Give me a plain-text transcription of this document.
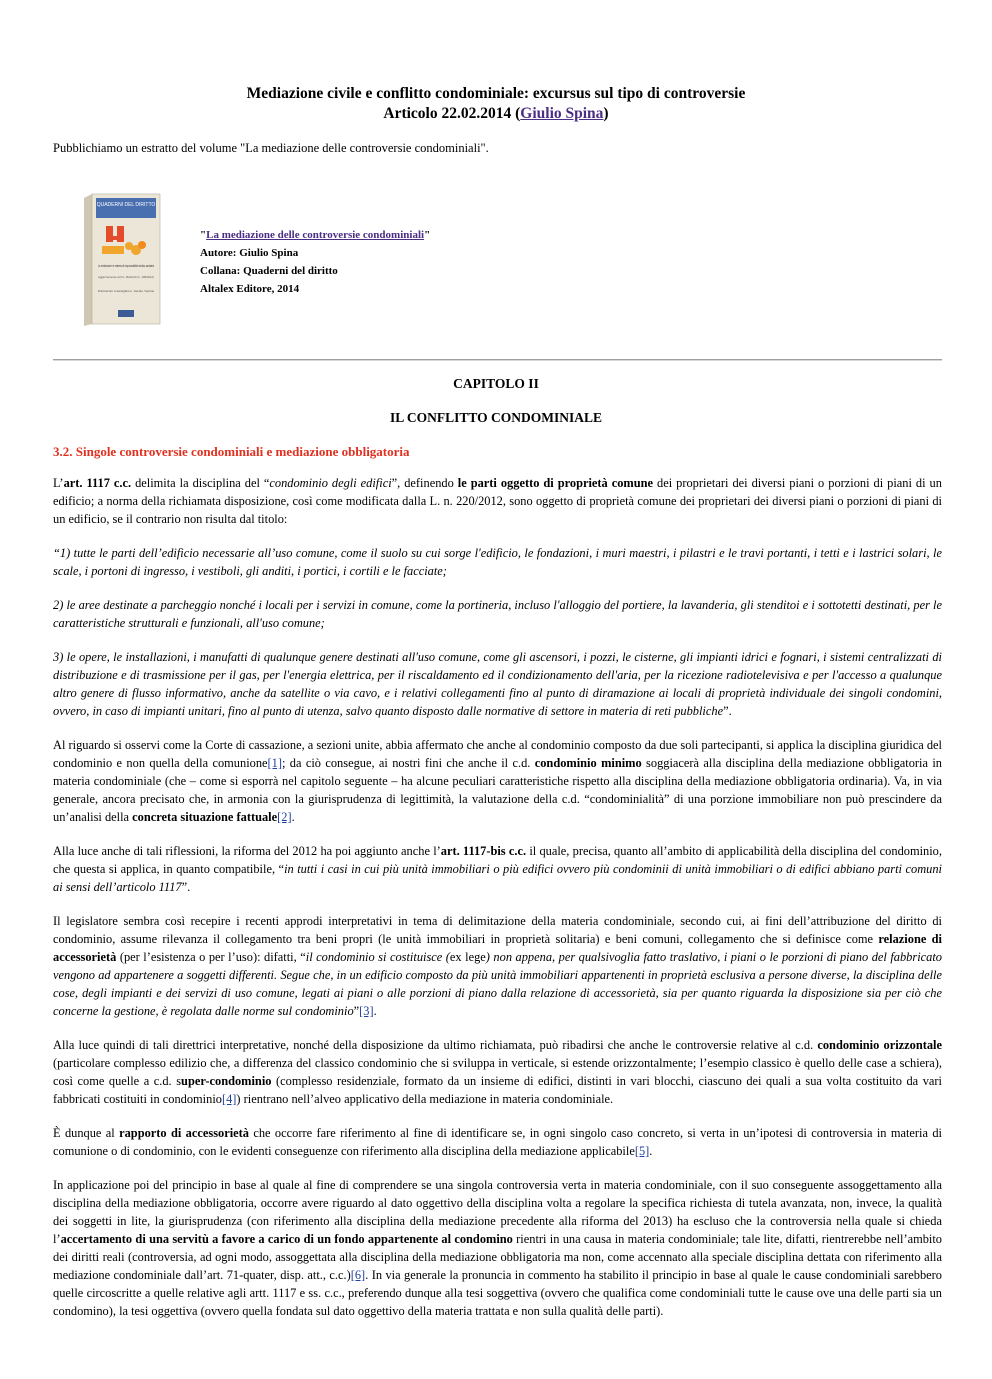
Mediazione civile e conflitto condominiale: excursus sul tipo di controversie
Articolo 22.02.2014 (Giulio Spina)
Pubblichiamo un estratto del volume "La mediazione delle controversie condominiali".
QUADERNI DEL DIRITTO
La mediazione in materia di responsabilità medico-sanitaria
Aggiornamento al D.L. Balduzzi (L. 189/2012)
Riccardo Castiglioni, Giulio Spina
"La mediazione delle controversie condominiali"
Autore: Giulio Spina
Collana: Quaderni del diritto
Altalex Editore, 2014
CAPITOLO II
IL CONFLITTO CONDOMINIALE
3.2. Singole controversie condominiali e mediazione obbligatoria

L’art. 1117 c.c. delimita la disciplina del “condominio degli edifici”, definendo le parti oggetto di proprietà comune dei proprietari dei diversi piani o porzioni di piani di un edificio; a norma della richiamata disposizione, così come modificata dalla L. n. 220/2012, sono oggetto di proprietà comune dei proprietari dei diversi piani o porzioni di piani di un edificio, se il contrario non risulta dal titolo:

“1) tutte le parti dell’edificio necessarie all’uso comune, come il suolo su cui sorge l'edificio, le fondazioni, i muri maestri, i pilastri e le travi portanti, i tetti e i lastrici solari, le scale, i portoni di ingresso, i vestiboli, gli anditi, i portici, i cortili e le facciate;

2) le aree destinate a parcheggio nonché i locali per i servizi in comune, come la portineria, incluso l'alloggio del portiere, la lavanderia, gli stenditoi e i sottotetti destinati, per le caratteristiche strutturali e funzionali, all'uso comune;

3) le opere, le installazioni, i manufatti di qualunque genere destinati all'uso comune, come gli ascensori, i pozzi, le cisterne, gli impianti idrici e fognari, i sistemi centralizzati di distribuzione e di trasmissione per il gas, per l'energia elettrica, per il riscaldamento ed il condizionamento dell'aria, per la ricezione radiotelevisiva e per l'accesso a qualunque altro genere di flusso informativo, anche da satellite o via cavo, e i relativi collegamenti fino al punto di diramazione ai locali di proprietà individuale dei singoli condomini, ovvero, in caso di impianti unitari, fino al punto di utenza, salvo quanto disposto dalle normative di settore in materia di reti pubbliche”.

Al riguardo si osservi come la Corte di cassazione, a sezioni unite, abbia affermato che anche al condominio composto da due soli partecipanti, si applica la disciplina giuridica del condominio e non quella della comunione[1]; da ciò consegue, ai nostri fini che anche il c.d. condominio minimo soggiacerà alla disciplina della mediazione obbligatoria in materia condominiale (che – come si esporrà nel capitolo seguente – ha alcune peculiari caratteristiche rispetto alla disciplina della mediazione obbligatoria ordinaria). Va, in via generale, ancora precisato che, in armonia con la giurisprudenza di legittimità, la valutazione della c.d. “condominialità” di una porzione immobiliare non può prescindere da un’analisi della concreta situazione fattuale[2].

Alla luce anche di tali riflessioni, la riforma del 2012 ha poi aggiunto anche l’art. 1117-bis c.c. il quale, precisa, quanto all’ambito di applicabilità della disciplina del condominio, che questa si applica, in quanto compatibile, “in tutti i casi in cui più unità immobiliari o più edifici ovvero più condominii di unità immobiliari o di edifici abbiano parti comuni ai sensi dell’articolo 1117”.

Il legislatore sembra così recepire i recenti approdi interpretativi in tema di delimitazione della materia condominiale, secondo cui, ai fini dell’attribuzione del diritto di condominio, assume rilevanza il collegamento tra beni propri (le unità immobiliari in proprietà solitaria) e beni comuni, collegamento che si definisce come relazione di accessorietà (per l’esistenza o per l’uso): difatti, “il condominio si costituisce (ex lege) non appena, per qualsivoglia fatto traslativo, i piani o le porzioni di piano del fabbricato vengono ad appartenere a soggetti differenti. Segue che, in un edificio composto da più unità immobiliari appartenenti in proprietà esclusiva a persone diverse, la disciplina delle cose, degli impianti e dei servizi di uso comune, legati ai piani o alle porzioni di piano dalla relazione di accessorietà, sia per quanto riguarda la disposizione sia per ciò che concerne la gestione, è regolata dalle norme sul condominio”[3].

Alla luce quindi di tali direttrici interpretative, nonché della disposizione da ultimo richiamata, può ribadirsi che anche le controversie relative al c.d. condominio orizzontale (particolare complesso edilizio che, a differenza del classico condominio che si sviluppa in verticale, si estende orizzontalmente; l’esempio classico è quello delle case a schiera), così come quelle a c.d. super-condominio (complesso residenziale, formato da un insieme di edifici, distinti in vari blocchi, ciascuno dei quali a sua volta costituito da vari fabbricati costituiti in condominio[4]) rientrano nell’alveo applicativo della mediazione in materia condominiale.

È dunque al rapporto di accessorietà che occorre fare riferimento al fine di identificare se, in ogni singolo caso concreto, si verta in un’ipotesi di controversia in materia di comunione o di condominio, con le evidenti conseguenze con riferimento alla disciplina della mediazione applicabile[5].

In applicazione poi del principio in base al quale al fine di comprendere se una singola controversia verta in materia condominiale, con il suo conseguente assoggettamento alla disciplina della mediazione obbligatoria, occorre avere riguardo al dato oggettivo della disciplina volta a regolare la specifica richiesta di tutela avanzata, non, invece, la qualità dei soggetti in lite, la giurisprudenza (con riferimento alla disciplina della mediazione precedente alla riforma del 2013) ha escluso che la controversia nella quale si chieda l’accertamento di una servitù a favore a carico di un fondo appartenente al condomino rientri in una causa in materia condominiale; tale lite, difatti, rientrerebbe nell’ambito dei diritti reali (controversia, ad ogni modo, assoggettata alla disciplina della mediazione obbligatoria ma non, come accennato alla speciale disciplina dettata con riferimento alla mediazione condominiale dall’art. 71-quater, disp. att., c.c.)[6]. In via generale la pronuncia in commento ha stabilito il principio in base al quale le cause condominiali sarebbero quelle circoscritte a quelle relative agli artt. 1117 e ss. c.c., preferendo dunque alla tesi soggettiva (ovvero che qualifica come condominiali tutte le cause ove una delle parti sia un condomino), la tesi oggettiva (ovvero quella fondata sul dato oggettivo della materia trattata e non sulla qualità delle parti).
